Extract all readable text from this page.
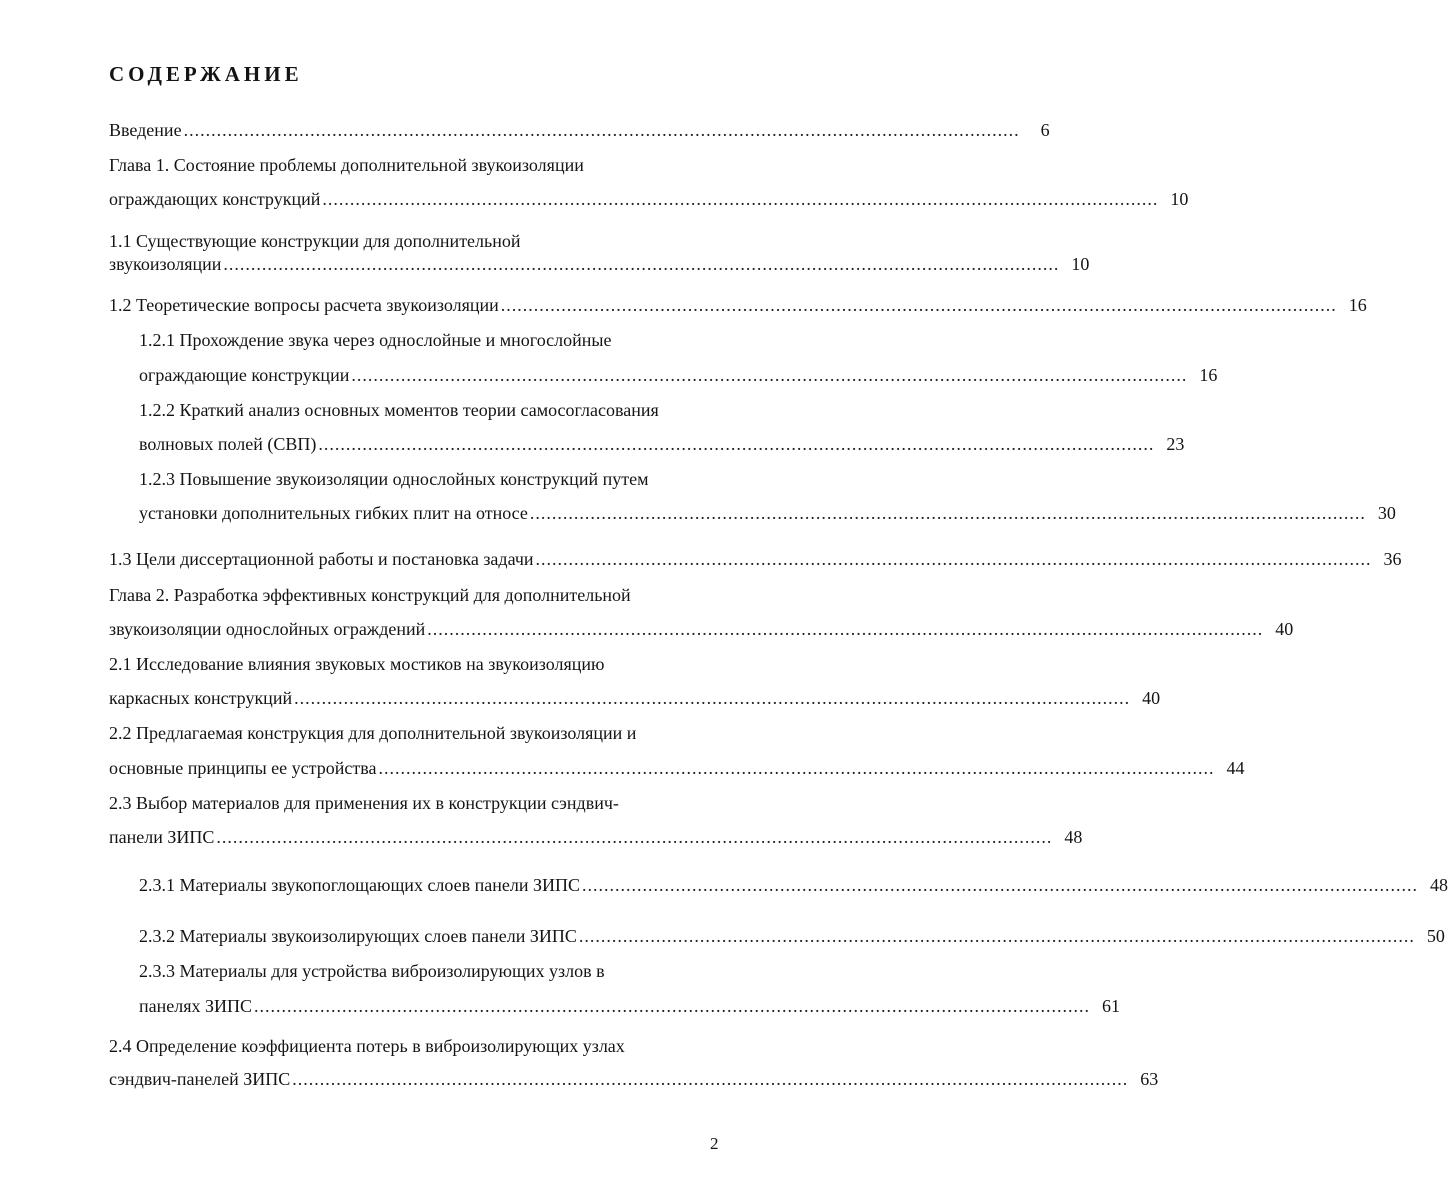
СОДЕРЖАНИЕ
Введение ........................................................................................................................................................	6
Глава 1. Состояние проблемы дополнительной звукоизоляции
ограждающих конструкций ........................................................................................................................................................ 10
1.1 Существующие конструкции для дополнительной
звукоизоляции ........................................................................................................................................................ 10
1.2 Теоретические вопросы расчета звукоизоляции ........................................................................................................................................................ 16
1.2.1 Прохождение звука через однослойные и многослойные
ограждающие конструкции ........................................................................................................................................................ 16
1.2.2 Краткий анализ основных моментов теории самосогласования
волновых полей (СВП) ........................................................................................................................................................ 23
1.2.3 Повышение звукоизоляции однослойных конструкций путем
установки дополнительных гибких плит на относе ........................................................................................................................................................ 30
1.3 Цели диссертационной работы и постановка задачи ........................................................................................................................................................ 36
Глава 2. Разработка эффективных конструкций для дополнительной
звукоизоляции однослойных ограждений ........................................................................................................................................................ 40
2.1 Исследование влияния звуковых мостиков на звукоизоляцию
каркасных конструкций ........................................................................................................................................................ 40
2.2 Предлагаемая конструкция для дополнительной звукоизоляции и
основные принципы ее устройства ........................................................................................................................................................ 44
2.3 Выбор материалов для применения их в конструкции сэндвич-
панели ЗИПС ........................................................................................................................................................ 48
2.3.1 Материалы звукопоглощающих слоев панели ЗИПС ........................................................................................................................................................ 48
2.3.2 Материалы звукоизолирующих слоев панели ЗИПС ........................................................................................................................................................ 50
2.3.3 Материалы для устройства виброизолирующих узлов в
панелях ЗИПС ........................................................................................................................................................ 61
2.4 Определение коэффициента потерь в виброизолирующих узлах
сэндвич-панелей ЗИПС ........................................................................................................................................................ 63
2
